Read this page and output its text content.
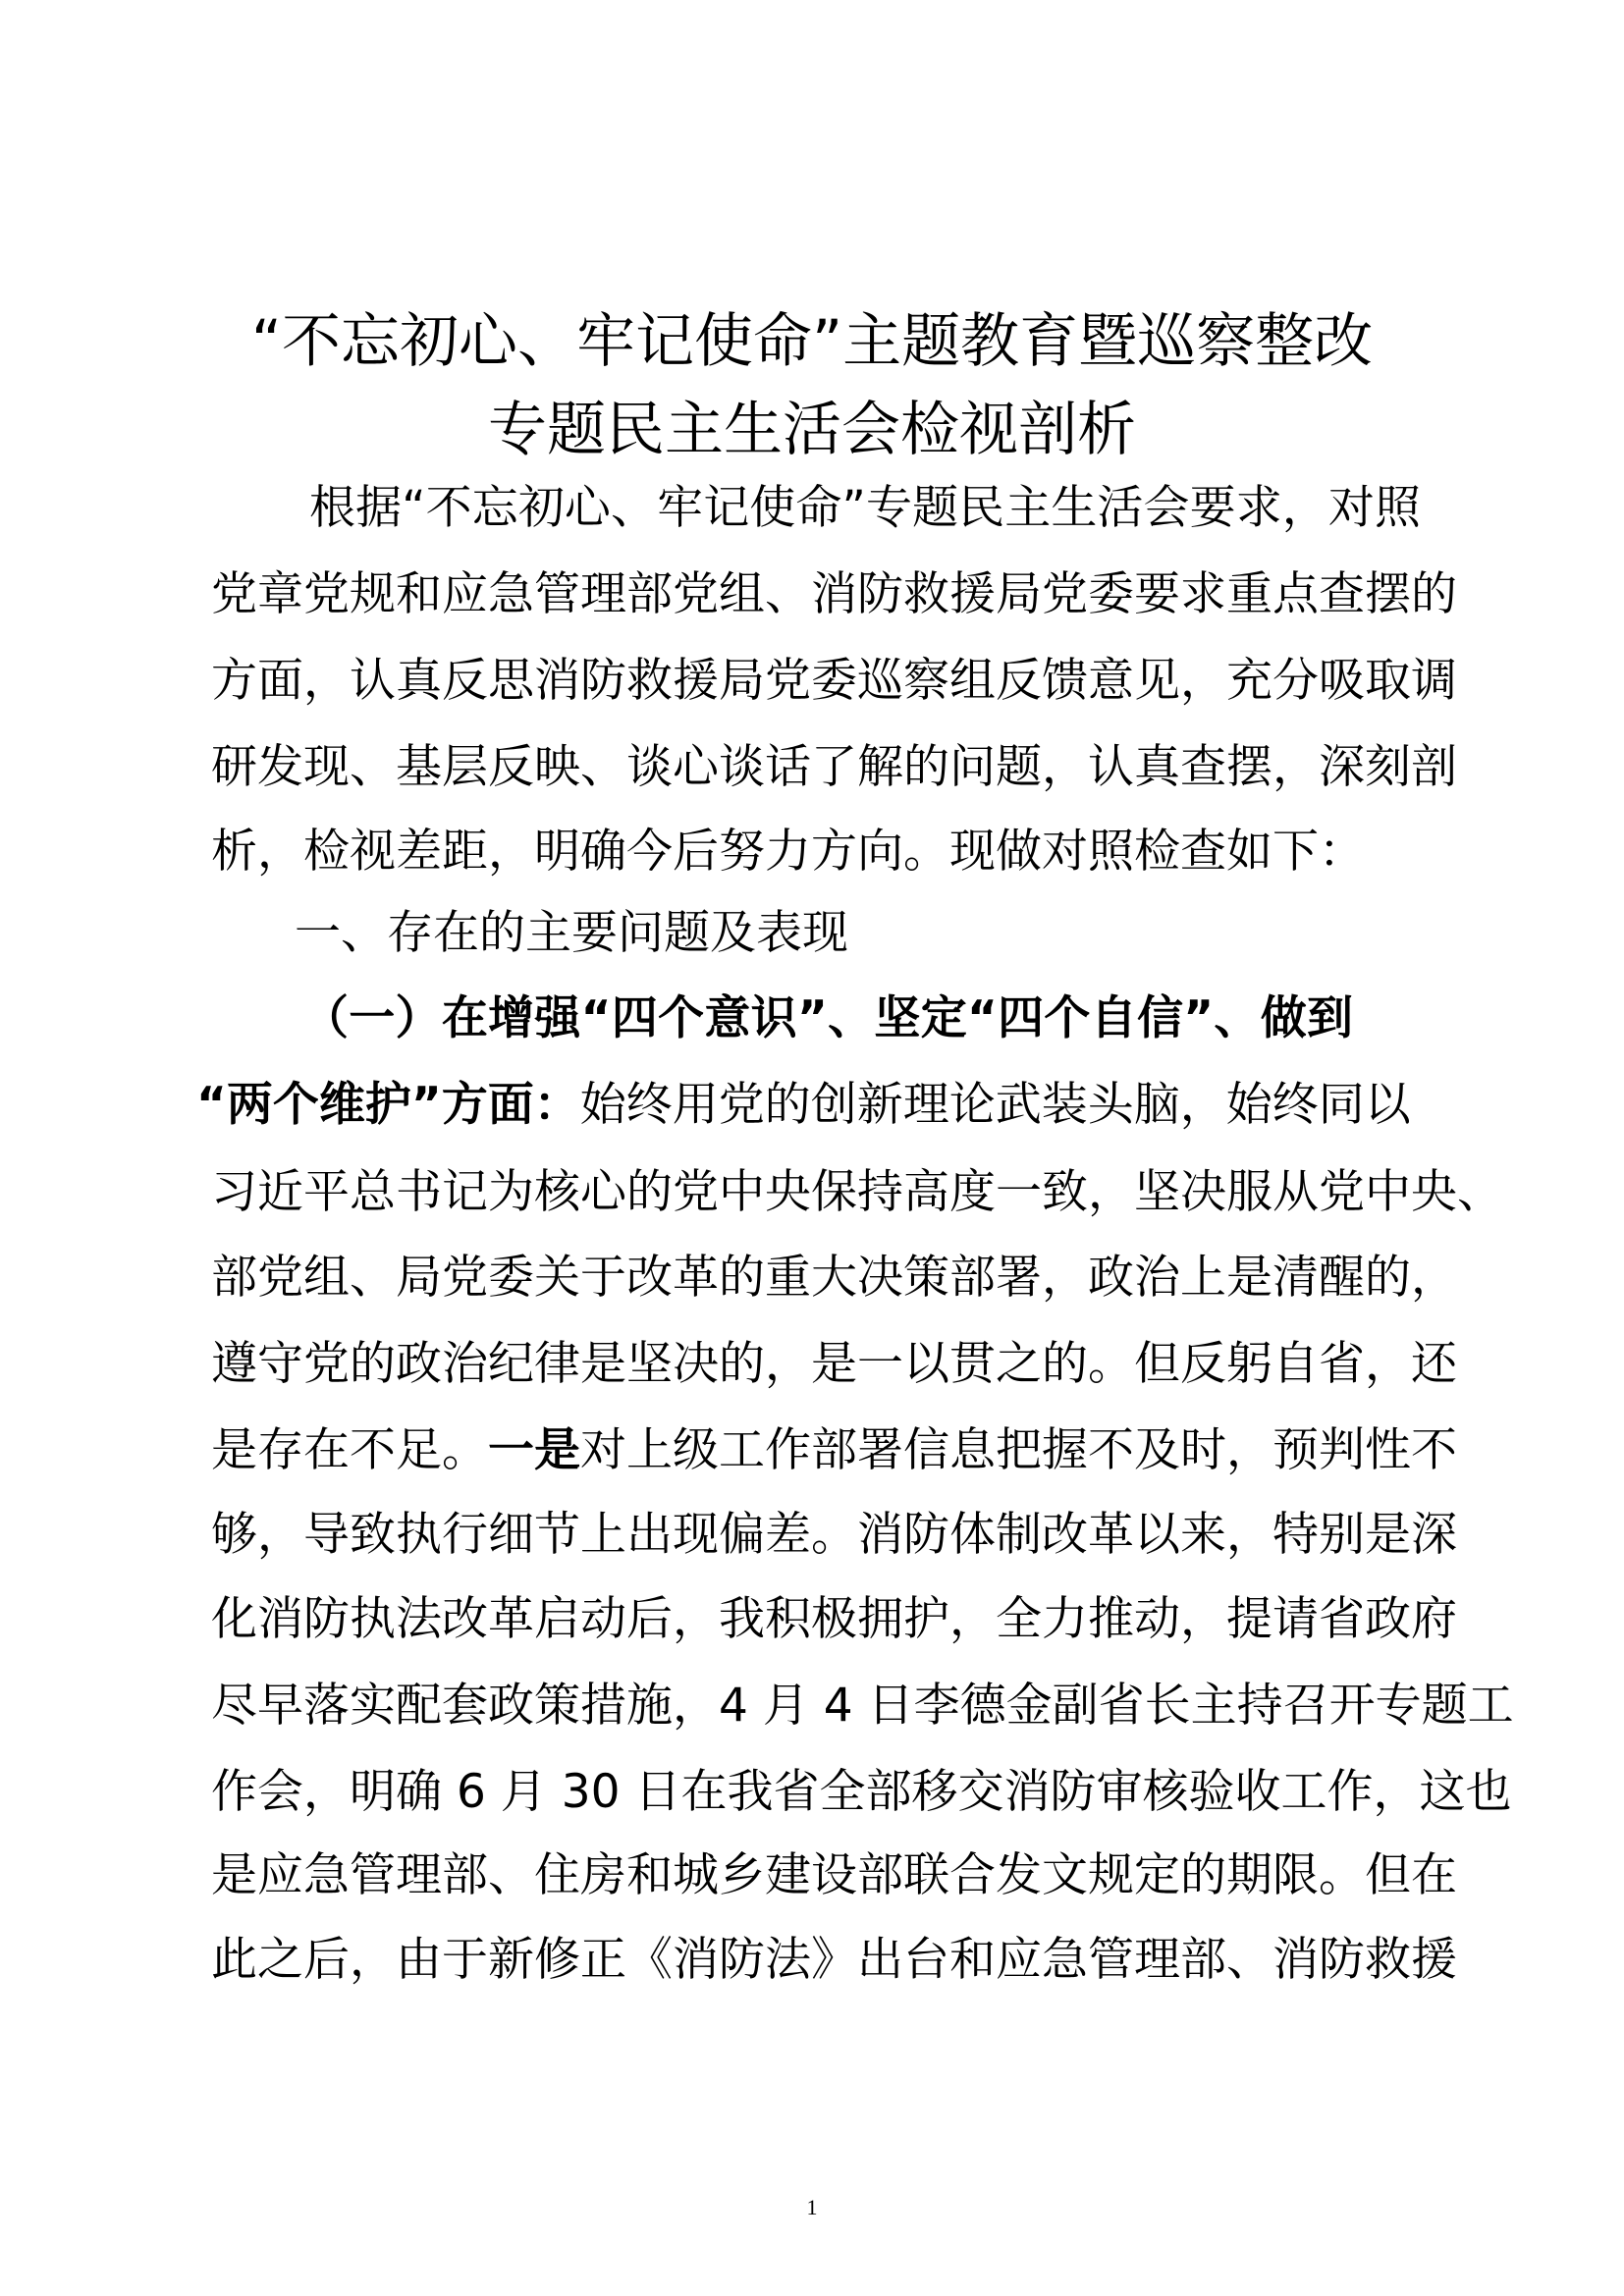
“不忘初心、牢记使命”主题教育暨巡察整改
专题民主生活会检视剖析
根据“不忘初心、牢记使命”专题民主生活会要求，对照
党章党规和应急管理部党组、消防救援局党委要求重点查摆的
方面，认真反思消防救援局党委巡察组反馈意见，充分吸取调
研发现、基层反映、谈心谈话了解的问题，认真查摆，深刻剖
析，检视差距，明确今后努力方向。现做对照检查如下：
一、存在的主要问题及表现
（一）在增强“四个意识”、坚定“四个自信”、做到
“两个维护”方面：始终用党的创新理论武装头脑，始终同以
习近平总书记为核心的党中央保持高度一致，坚决服从党中央、
部党组、局党委关于改革的重大决策部署，政治上是清醒的，
遵守党的政治纪律是坚决的，是一以贯之的。但反躬自省，还
是存在不足。一是对上级工作部署信息把握不及时，预判性不
够，导致执行细节上出现偏差。消防体制改革以来，特别是深
化消防执法改革启动后，我积极拥护，全力推动，提请省政府
尽早落实配套政策措施，4 月 4 日李德金副省长主持召开专题工
作会，明确 6 月 30 日在我省全部移交消防审核验收工作，这也
是应急管理部、住房和城乡建设部联合发文规定的期限。但在
此之后，由于新修正《消防法》出台和应急管理部、消防救援
1
